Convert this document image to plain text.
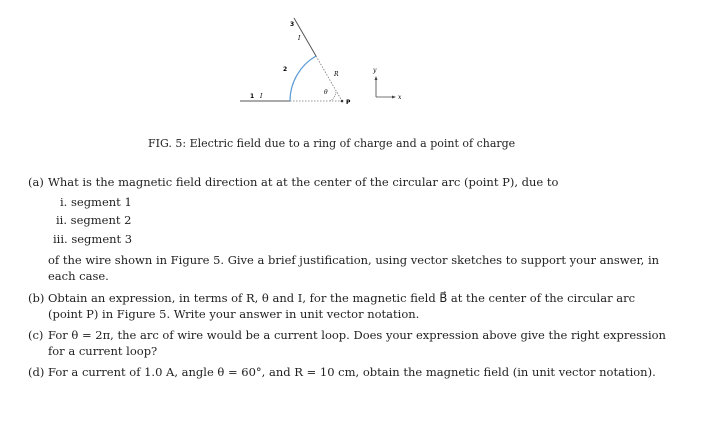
1 I
2
3
I
R
θ
P
y
x
FIG. 5: Electric field due to a ring of charge and a point of charge
(a) What is the magnetic field direction at at the center of the circular arc (point P), due to
i. segment 1
ii. segment 2
iii. segment 3
of the wire shown in Figure 5. Give a brief justification, using vector sketches to support your answer, in
each case.
(b) Obtain an expression, in terms of R, θ and I, for the magnetic field B⃗ at the center of the circular arc
(point P) in Figure 5. Write your answer in unit vector notation.
(c) For θ = 2π, the arc of wire would be a current loop. Does your expression above give the right expression
for a current loop?
(d) For a current of 1.0 A, angle θ = 60°, and R = 10 cm, obtain the magnetic field (in unit vector notation).
